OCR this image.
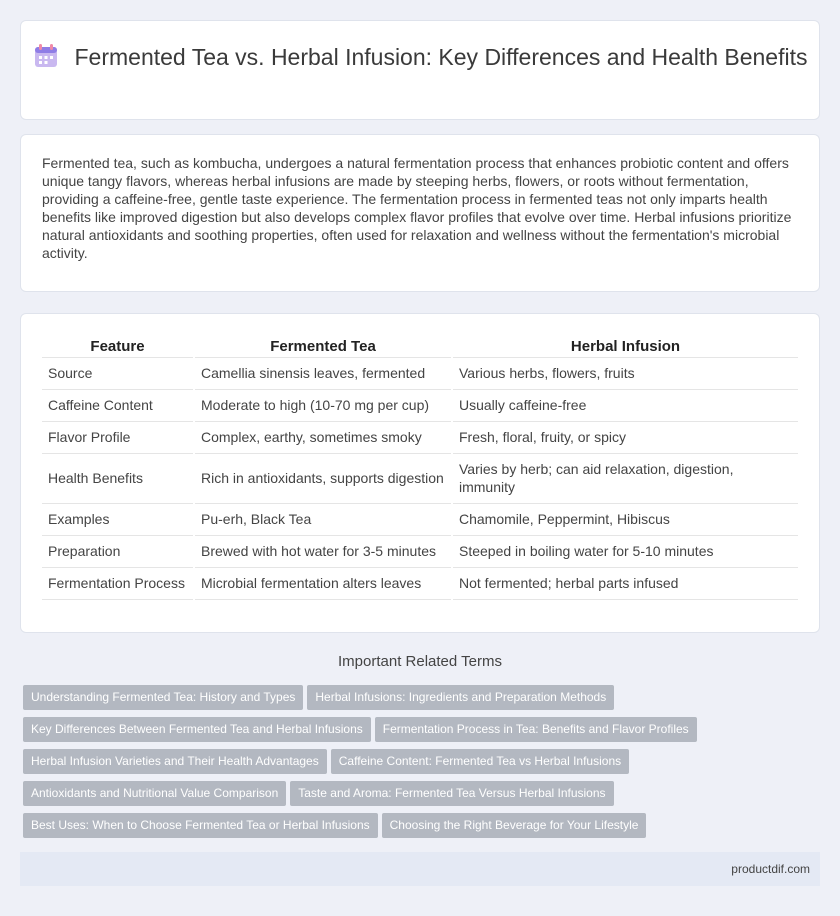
Fermented Tea vs. Herbal Infusion: Key Differences and Health Benefits

Fermented tea, such as kombucha, undergoes a natural fermentation process that enhances probiotic content and offers unique tangy flavors, whereas herbal infusions are made by steeping herbs, flowers, or roots without fermentation, providing a caffeine-free, gentle taste experience. The fermentation process in fermented teas not only imparts health benefits like improved digestion but also develops complex flavor profiles that evolve over time. Herbal infusions prioritize natural antioxidants and soothing properties, often used for relaxation and wellness without the fermentation's microbial activity.

Feature	Fermented Tea	Herbal Infusion
Source	Camellia sinensis leaves, fermented	Various herbs, flowers, fruits
Caffeine Content	Moderate to high (10-70 mg per cup)	Usually caffeine-free
Flavor Profile	Complex, earthy, sometimes smoky	Fresh, floral, fruity, or spicy
Health Benefits	Rich in antioxidants, supports digestion	Varies by herb; can aid relaxation, digestion, immunity
Examples	Pu-erh, Black Tea	Chamomile, Peppermint, Hibiscus
Preparation	Brewed with hot water for 3-5 minutes	Steeped in boiling water for 5-10 minutes
Fermentation Process	Microbial fermentation alters leaves	Not fermented; herbal parts infused
Important Related Terms
Understanding Fermented Tea: History and Types Herbal Infusions: Ingredients and Preparation Methods
Key Differences Between Fermented Tea and Herbal Infusions Fermentation Process in Tea: Benefits and Flavor Profiles
Herbal Infusion Varieties and Their Health Advantages Caffeine Content: Fermented Tea vs Herbal Infusions
Antioxidants and Nutritional Value Comparison Taste and Aroma: Fermented Tea Versus Herbal Infusions
Best Uses: When to Choose Fermented Tea or Herbal Infusions Choosing the Right Beverage for Your Lifestyle
productdif.com
